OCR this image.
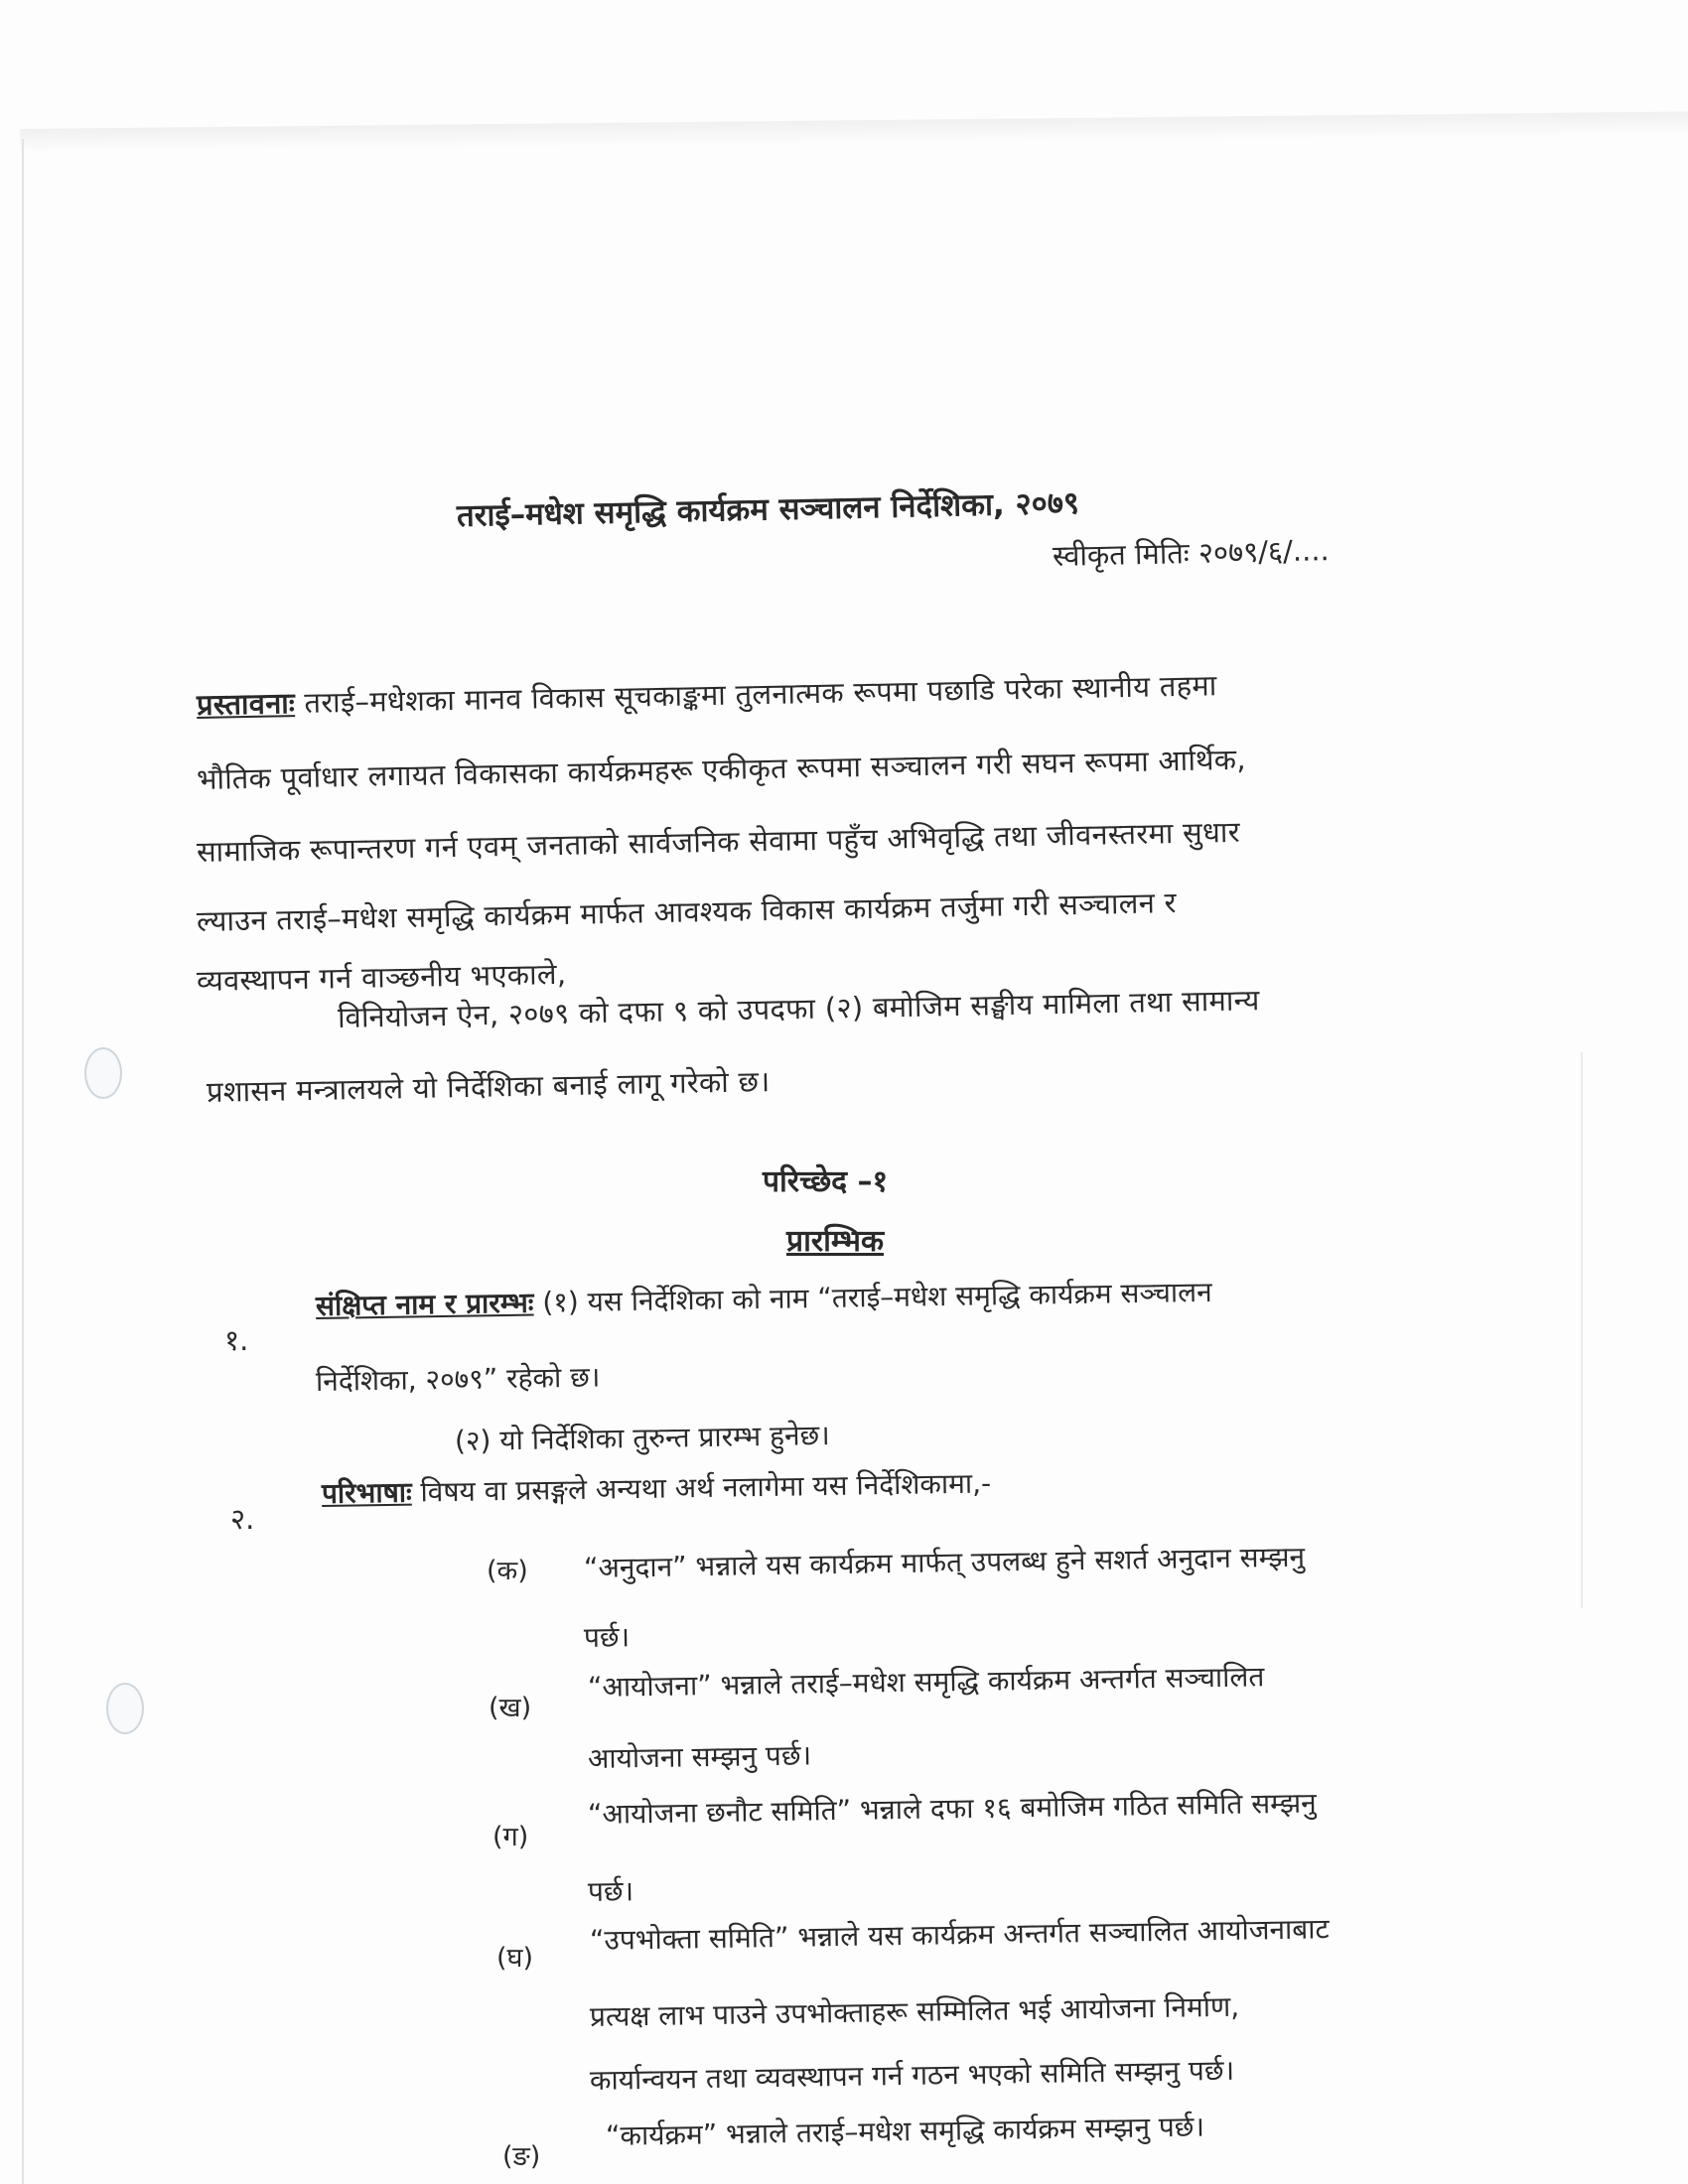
तराई–मधेश समृद्धि कार्यक्रम सञ्चालन निर्देशिका, २०७९
स्वीकृत मितिः २०७९/६/....
प्रस्तावनाः तराई–मधेशका मानव विकास सूचकाङ्कमा तुलनात्मक रूपमा पछाडि परेका स्थानीय तहमा
भौतिक पूर्वाधार लगायत विकासका कार्यक्रमहरू एकीकृत रूपमा सञ्चालन गरी सघन रूपमा आर्थिक,
सामाजिक रूपान्तरण गर्न एवम् जनताको सार्वजनिक सेवामा पहुँच अभिवृद्धि तथा जीवनस्तरमा सुधार
ल्याउन तराई–मधेश समृद्धि कार्यक्रम मार्फत आवश्यक विकास कार्यक्रम तर्जुमा गरी सञ्चालन र
व्यवस्थापन गर्न वाञ्छनीय भएकाले,
विनियोजन ऐन, २०७९ को दफा ९ को उपदफा (२) बमोजिम सङ्घीय मामिला तथा सामान्य
प्रशासन मन्त्रालयले यो निर्देशिका बनाई लागू गरेको छ।
परिच्छेद –१
प्रारम्भिक
१.
संक्षिप्त नाम र प्रारम्भः (१) यस निर्देशिका को नाम “तराई–मधेश समृद्धि कार्यक्रम सञ्चालन
निर्देशिका, २०७९” रहेको छ।
(२) यो निर्देशिका तुरुन्त प्रारम्भ हुनेछ।
२.
परिभाषाः विषय वा प्रसङ्गले अन्यथा अर्थ नलागेमा यस निर्देशिकामा,-
(क) “अनुदान” भन्नाले यस कार्यक्रम मार्फत् उपलब्ध हुने सशर्त अनुदान सम्झनु
पर्छ।
(ख)
“आयोजना” भन्नाले तराई–मधेश समृद्धि कार्यक्रम अन्तर्गत सञ्चालित
आयोजना सम्झनु पर्छ।
(ग)
“आयोजना छनौट समिति” भन्नाले दफा १६ बमोजिम गठित समिति सम्झनु
पर्छ।
(घ)
“उपभोक्ता समिति” भन्नाले यस कार्यक्रम अन्तर्गत सञ्चालित आयोजनाबाट
प्रत्यक्ष लाभ पाउने उपभोक्ताहरू सम्मिलित भई आयोजना निर्माण,
कार्यान्वयन तथा व्यवस्थापन गर्न गठन भएको समिति सम्झनु पर्छ।
(ङ)
“कार्यक्रम” भन्नाले तराई–मधेश समृद्धि कार्यक्रम सम्झनु पर्छ।
